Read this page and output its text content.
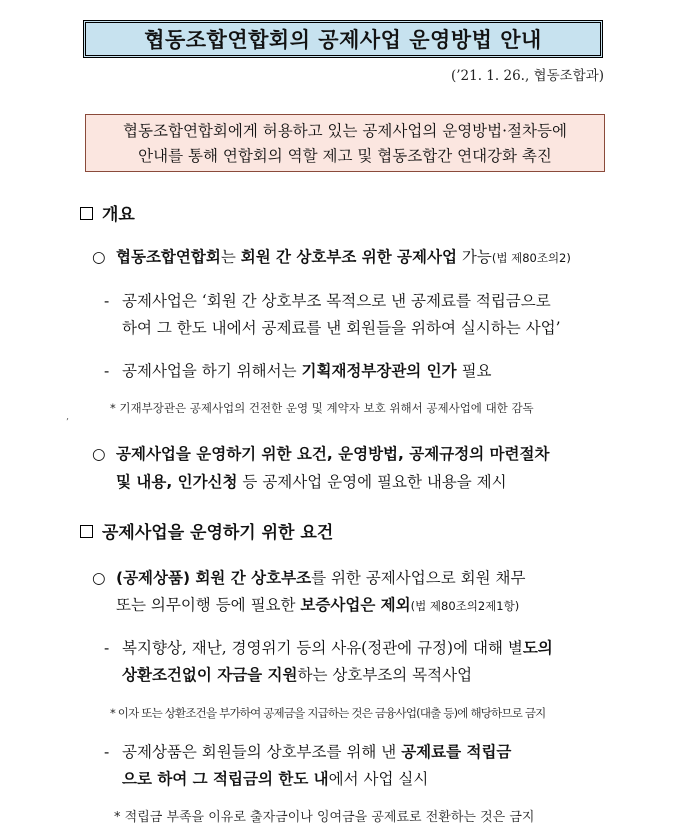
협동조합연합회의 공제사업 운영방법 안내
(’21. 1. 26., 협동조합과)
협동조합연합회에게 허용하고 있는 공제사업의 운영방법·절차등에
안내를 통해 연합회의 역할 제고 및 협동조합간 연대강화 촉진
개요
○ 협동조합연합회는 회원 간 상호부조 위한 공제사업 가능(법 제80조의2)
- 공제사업은 ‘회원 간 상호부조 목적으로 낸 공제료를 적립금으로
하여 그 한도 내에서 공제료를 낸 회원들을 위하여 실시하는 사업’
- 공제사업을 하기 위해서는 기획재정부장관의 인가 필요
* 기재부장관은 공제사업의 건전한 운영 및 계약자 보호 위해서 공제사업에 대한 감독
’
○ 공제사업을 운영하기 위한 요건, 운영방법, 공제규정의 마련절차
및 내용, 인가신청 등 공제사업 운영에 필요한 내용을 제시
공제사업을 운영하기 위한 요건
○ (공제상품) 회원 간 상호부조를 위한 공제사업으로 회원 채무
또는 의무이행 등에 필요한 보증사업은 제외(법 제80조의2제1항)
- 복지향상, 재난, 경영위기 등의 사유(정관에 규정)에 대해 별도의
상환조건없이 자금을 지원하는 상호부조의 목적사업
* 이자 또는 상환조건을 부가하여 공제금을 지급하는 것은 금융사업(대출 등)에 해당하므로 금지
- 공제상품은 회원들의 상호부조를 위해 낸 공제료를 적립금
으로 하여 그 적립금의 한도 내에서 사업 실시
* 적립금 부족을 이유로 출자금이나 잉여금을 공제료로 전환하는 것은 금지
